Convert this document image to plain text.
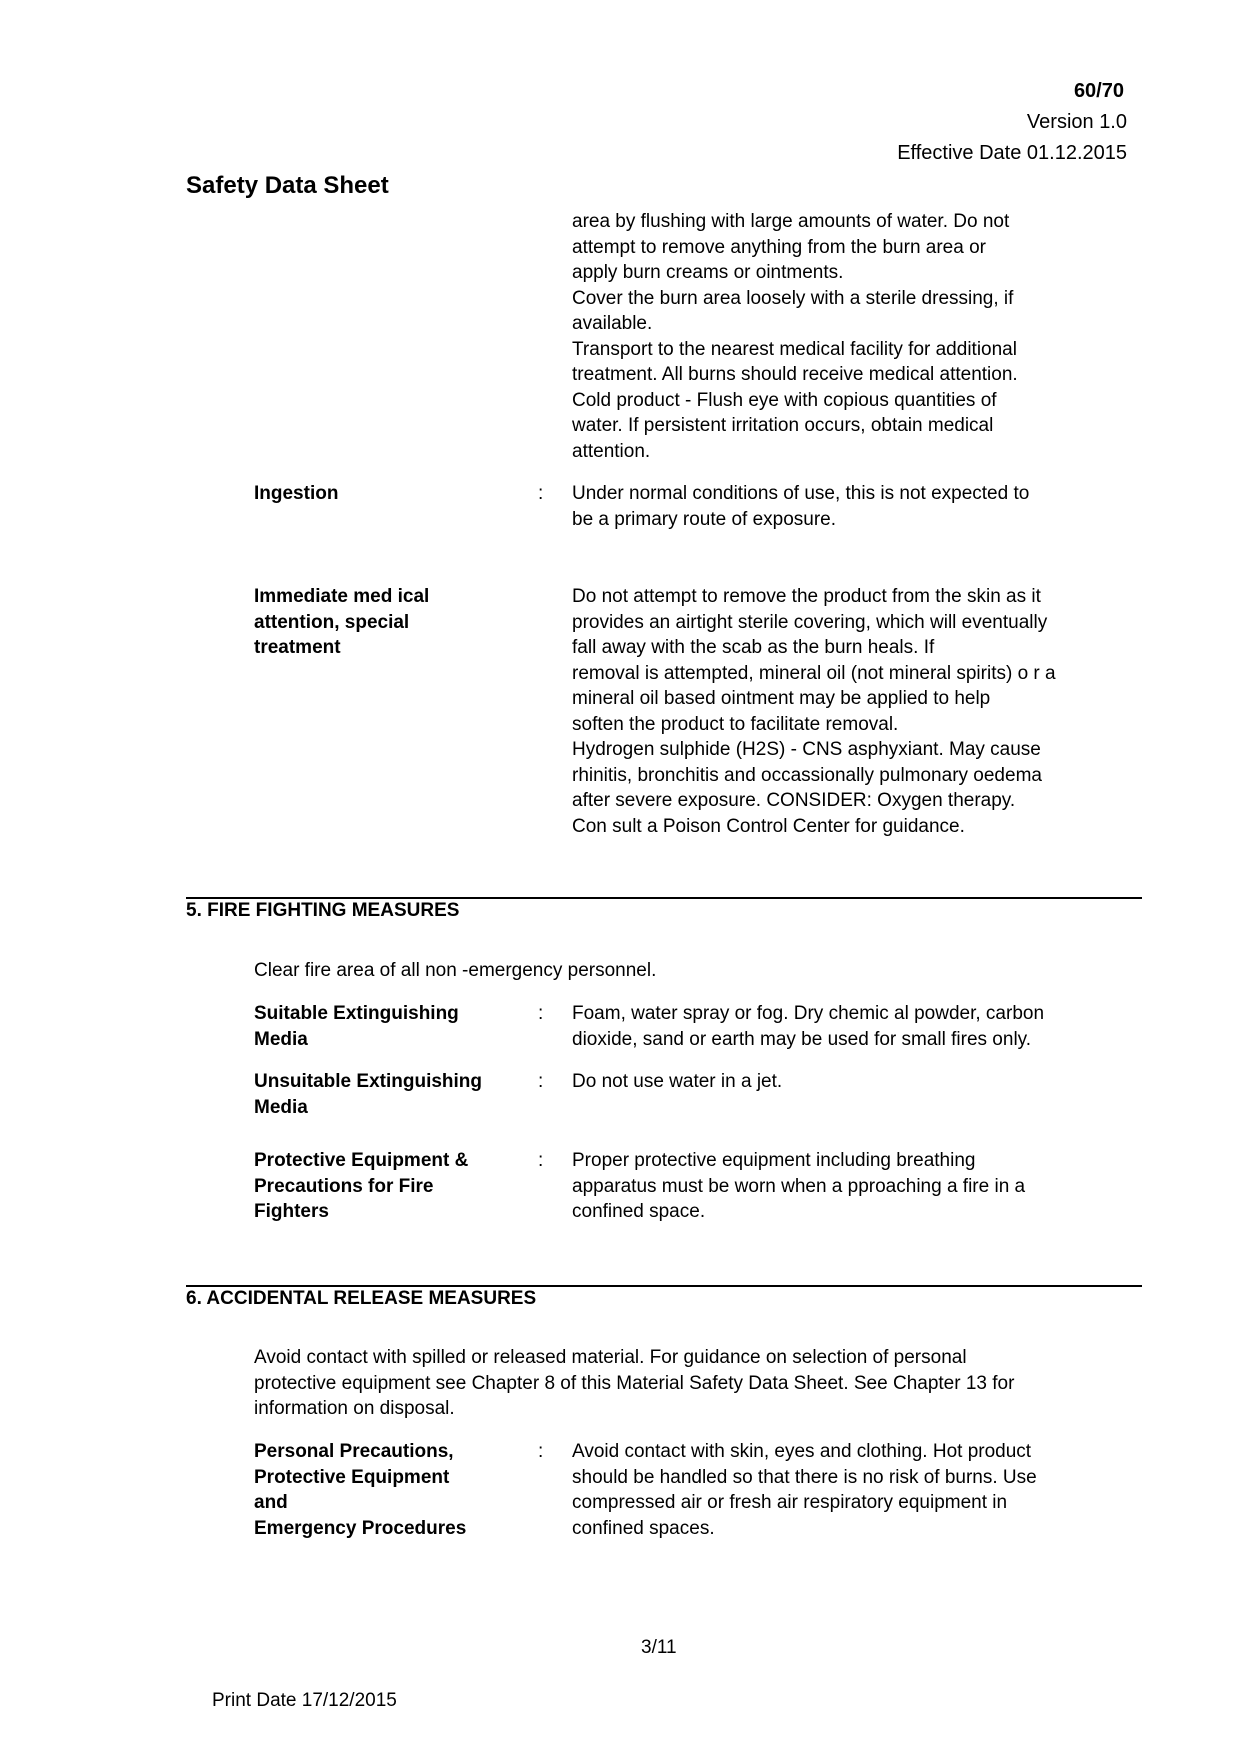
60/70
Version 1.0
Effective Date 01.12.2015
Safety Data Sheet
area by flushing with large amounts of water. Do not
attempt to remove anything from the burn area or
apply burn creams or ointments.
Cover the burn area loosely with a sterile dressing, if
available.
Transport to the nearest medical facility for additional
treatment. All burns should receive medical attention.
Cold product - Flush eye with copious quantities of
water. If persistent irritation occurs, obtain medical
attention.
Ingestion	: Under normal conditions of use, this is not expected to
be a primary route of exposure.
Immediate med ical
attention, special
treatment
Do not attempt to remove the product from the skin as it
provides an airtight sterile covering, which will eventually
fall away with the scab as the burn heals. If
removal is attempted, mineral oil (not mineral spirits) o r a
mineral oil based ointment may be applied to help
soften the product to facilitate removal.
Hydrogen sulphide (H2S) - CNS asphyxiant. May cause
rhinitis, bronchitis and occassionally pulmonary oedema
after severe exposure. CONSIDER: Oxygen therapy.
Con sult a Poison Control Center for guidance.
5. FIRE FIGHTING MEASURES
Clear fire area of all non -emergency personnel.
Suitable Extinguishing
Media
: Foam, water spray or fog. Dry chemic al powder, carbon
dioxide, sand or earth may be used for small fires only.
Unsuitable Extinguishing
Media
: Do not use water in a jet.
Protective Equipment &
Precautions for Fire
Fighters
: Proper protective equipment including breathing
apparatus must be worn when a pproaching a fire in a
confined space.
6. ACCIDENTAL RELEASE MEASURES
Avoid contact with spilled or released material. For guidance on selection of personal
protective equipment see Chapter 8 of this Material Safety Data Sheet. See Chapter 13 for
information on disposal.
Personal Precautions,
Protective Equipment
and
Emergency Procedures
: Avoid contact with skin, eyes and clothing. Hot product
should be handled so that there is no risk of burns. Use
compressed air or fresh air respiratory equipment in
confined spaces.
3/11
Print Date 17/12/2015
